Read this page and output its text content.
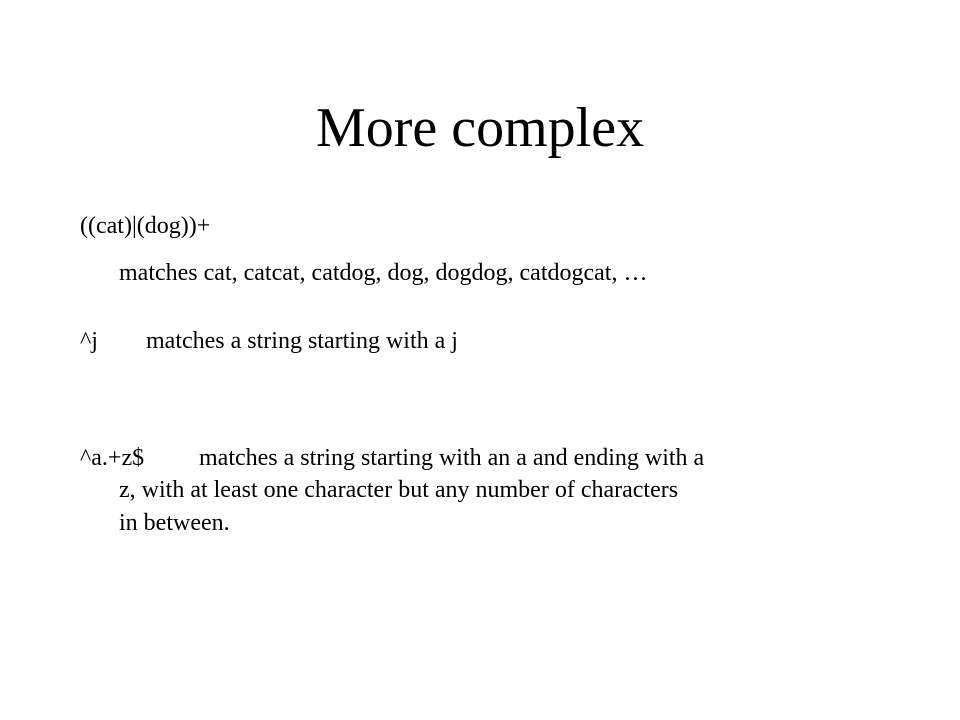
More complex
((cat)|(dog))+
matches cat, catcat, catdog, dog, dogdog, catdogcat, …
^j matches a string starting with a j
^a.+z$ matches a string starting with an a and ending with a
z, with at least one character but any number of characters
in between.
